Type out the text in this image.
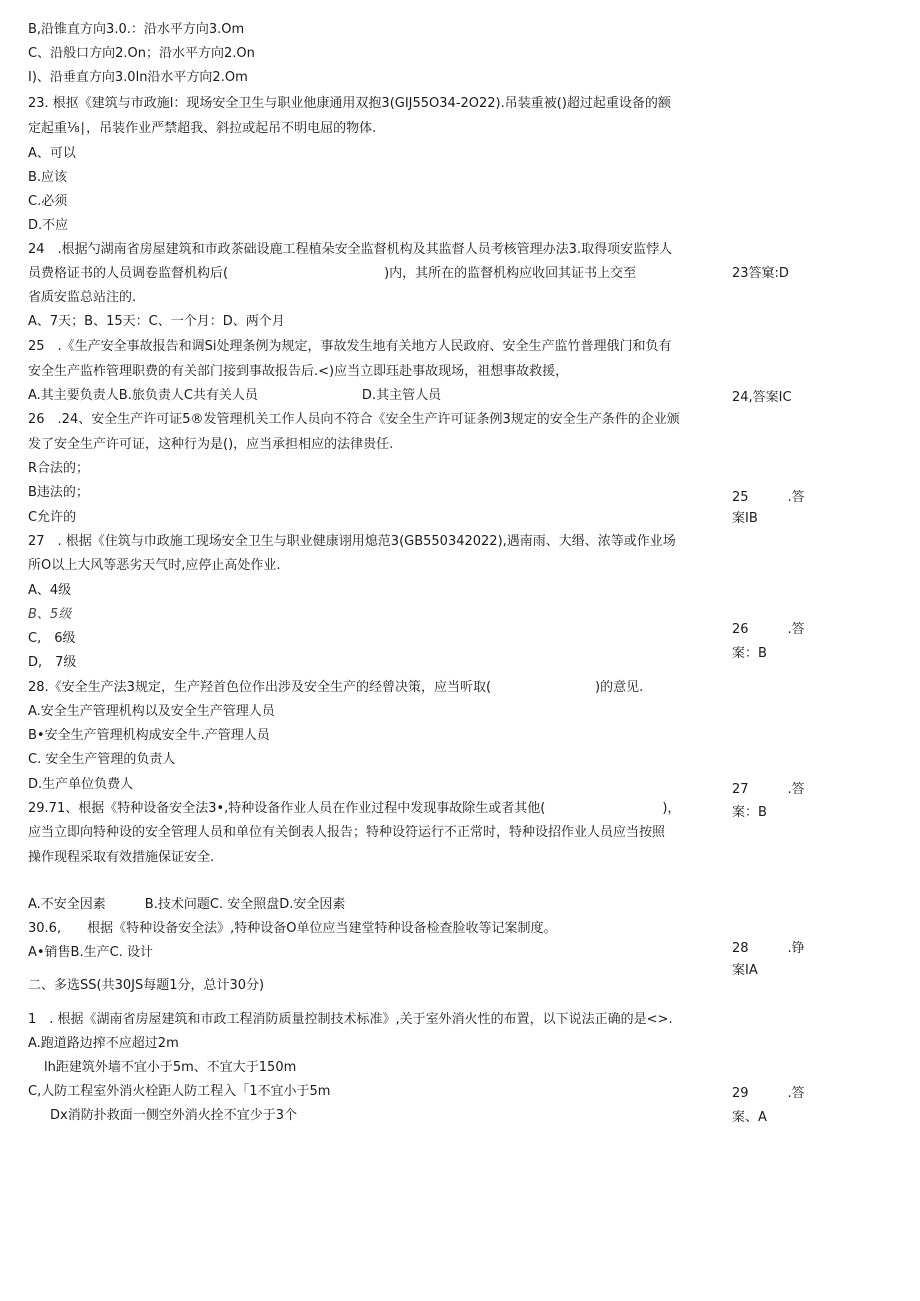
B,沿锥直方向3.0.：沿水平方向3.Om
C、沿般口方向2.On；沿水平方向2.On
I)、沿垂直方向3.0ln沿水平方向2.Om
23. 根抠《建筑与市政施l：现场安全卫生与职业他康通用双抱3(GIJ55O34-2O22).吊装重被()超过起重设备的额
定起重⅛∣，吊装作业严禁超我、斜拉或起吊不明电屈的物体.
A、可以
B.应该
C.必须
D.不应
24　.根据勺湖南省房屋建筑和市政茶础设鹿工程植朵安全监督机构及其监督人员考核管理办法3.取得项安监悖人
员费格证书的人员调卷监督机构后(　　　　　　　　　　　　)内，其所在的监督机构应收回其证书上交至
省质安监总站注的.
A、7天；B、15天：C、一个月：D、两个月
25　.《生产安全事故报告和调Si处理条例为规定，事故发生地有关地方人民政府、安全生产监竹普理俄门和负有
安全生产监柞管理职费的有关部门接到事故报告后.<)应当立即珏赴事故现场，祖想事故救援，
A.其主要负责人B.旅负责人C共有关人员　　　　　　　　D.其主管人员
26　.24、安全生产许可证5®发管理机关工作人员向不符合《安全生产许可证条例3规定的安全生产条件的企业颁
发了安全生产许可证，这种行为是()，应当承担相应的法律贵任.
R合法的；
B违法的；
C允许的
27　. 根据《住筑与巾政施工现场安全卫生与职业健康诩用熄范3(GB550342022),遇南雨、大缗、浓等或作业场
所O以上大风等恶劣天气时,应停止高处作业.
A、4级
B、5级
C,　6级
D,　7级
28.《安全生产法3规定，生产羟首色位作出涉及安全生产的经曾决策，应当听取(　　　　　　　　)的意见.
A.安全生产管理机构以及安全生产管理人员
B•安全生产管理机构成安全牛.产管理人员
C. 安全生产管理的负责人
D.生产单位负费人
29.71、根据《特种设备安全法3•,特种设备作业人员在作业过程中发现事故除生或者其他(　　　　　　　　　)，
应当立即向特种设的安全管理人员和单位有关倒表人报告；特种设符运行不正常时，特种设招作业人员应当按照
操作现程采取有效措施保证安全.
A.不安全因素　　　B.技术问题C. 安全照盘D.安全因素
30.6,　　根据《特种设备安全法》,特种设备O单位应当建堂特种设备检查脸收等记案制度。
A•销售B.生产C. 设计
二、多选SS(共30JS每题1分，总计30分)
1　. 根据《湖南省房屋建筑和市政工程消防质量控制技术标准》,关于室外消火性的布置，以下说法正确的是<>.
A.跑道路边搾不应超过2m
lh距建筑外墙不宜小于5m、不宜大于150m
C,人防工程室外消火栓距人防工程入「1不宜小于5m
Dx消防扑救面一侧空外消火拴不宜少于3个
23答窠:D
24,答案IC
25　　　.答
案IB
26　　　.答
案：B
27　　　.答
案：B
28　　　.铮
案IA
29　　　.答
案、A
